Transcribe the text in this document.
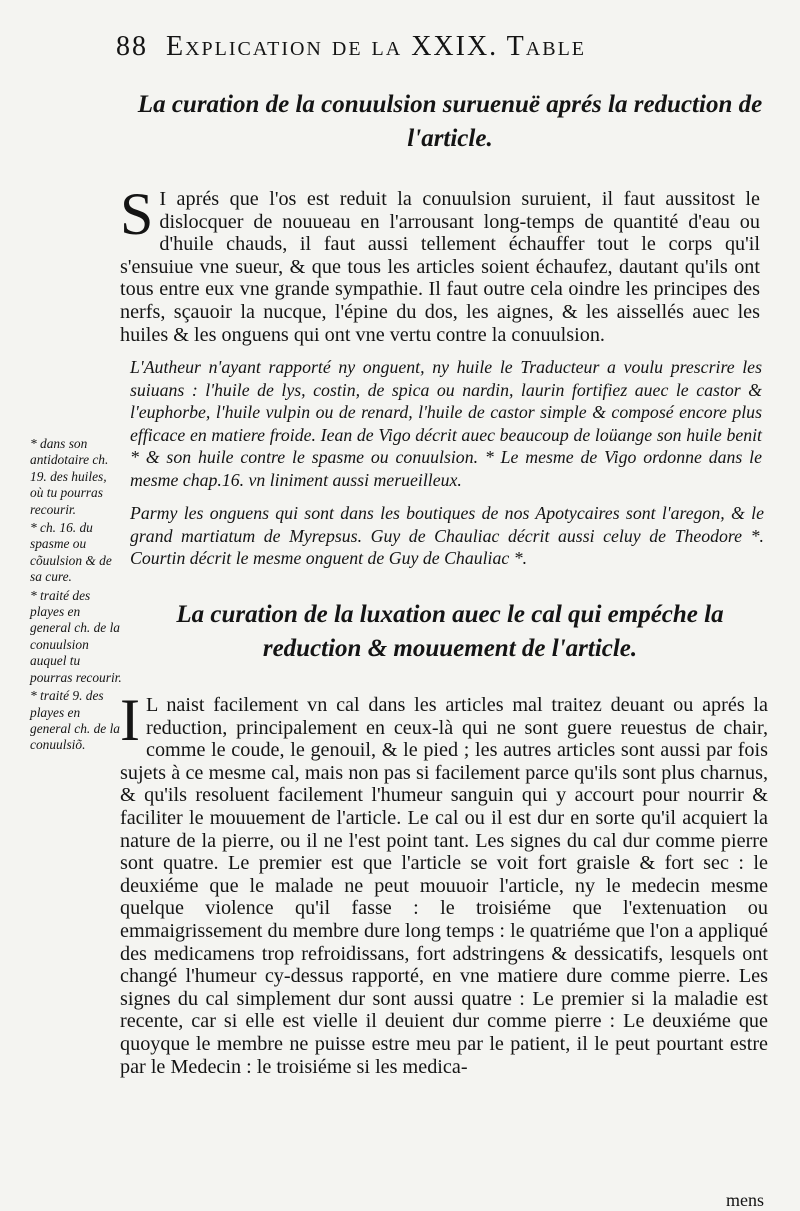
88 Explication de la XXIX. Table
La curation de la conuulsion suruenuë aprés la reduction de l'article.

S I aprés que l'os est reduit la conuulsion suruient, il faut aussitost le dislocquer de nouueau en l'arrousant long-temps de quantité d'eau ou d'huile chauds, il faut aussi tellement échauffer tout le corps qu'il s'ensuiue vne sueur, & que tous les articles soient échaufez, dautant qu'ils ont tous entre eux vne grande sympathie. Il faut outre cela oindre les principes des nerfs, sçauoir la nucque, l'épine du dos, les aignes, & les aissellés auec les huiles & les onguens qui ont vne vertu contre la conuulsion.

L'Autheur n'ayant rapporté ny onguent, ny huile le Traducteur a voulu prescrire les suiuans : l'huile de lys, costin, de spica ou nardin, laurin fortifiez auec le castor & l'euphorbe, l'huile vulpin ou de renard, l'huile de castor simple & composé encore plus efficace en matiere froide. Iean de Vigo décrit auec beaucoup de loüange son huile benit * & son huile contre le spasme ou conuulsion. * Le mesme de Vigo ordonne dans le mesme chap.16. vn liniment aussi merueilleux.

Parmy les onguens qui sont dans les boutiques de nos Apotycaires sont l'aregon, & le grand martiatum de Myrepsus. Guy de Chauliac décrit aussi celuy de Theodore *. Courtin décrit le mesme onguent de Guy de Chauliac *.

* dans son antidotaire ch. 19. des huiles, où tu pourras recourir.

* ch. 16. du spasme ou cõuulsion & de sa cure.

* traité des playes en general ch. de la conuulsion auquel tu pourras recourir.

* traité 9. des playes en general ch. de la conuulsiõ.

La curation de la luxation auec le cal qui empéche la reduction & mouuement de l'article.

I L naist facilement vn cal dans les articles mal traitez deuant ou aprés la reduction, principalement en ceux-là qui ne sont guere reuestus de chair, comme le coude, le genouil, & le pied ; les autres articles sont aussi par fois sujets à ce mesme cal, mais non pas si facilement parce qu'ils sont plus charnus, & qu'ils resoluent facilement l'humeur sanguin qui y accourt pour nourrir & faciliter le mouuement de l'article. Le cal ou il est dur en sorte qu'il acquiert la nature de la pierre, ou il ne l'est point tant. Les signes du cal dur comme pierre sont quatre. Le premier est que l'article se voit fort graisle & fort sec : le deuxiéme que le malade ne peut mouuoir l'article, ny le medecin mesme quelque violence qu'il fasse : le troisiéme que l'extenuation ou emmaigrissement du membre dure long temps : le quatriéme que l'on a appliqué des medicamens trop refroidissans, fort adstringens & dessicatifs, lesquels ont changé l'humeur cy-dessus rapporté, en vne matiere dure comme pierre. Les signes du cal simplement dur sont aussi quatre : Le premier si la maladie est recente, car si elle est vielle il deuient dur comme pierre : Le deuxiéme que quoyque le membre ne puisse estre meu par le patient, il le peut pourtant estre par le Medecin : le troisiéme si les medica-

mens
